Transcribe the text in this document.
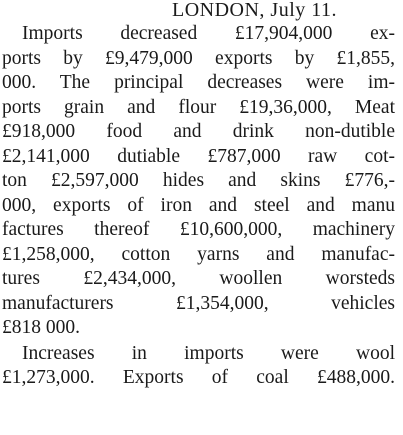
LONDON, July 11.
Imports decreased £17,904,000 ex-
ports by £9,479,000 exports by £1,855,
000. The principal decreases were im-
ports grain and flour £19,36,000, Meat
£918,000 food and drink non-dutible
£2,141,000 dutiable £787,000 raw cot-
ton £2,597,000 hides and skins £776,-
000, exports of iron and steel and manu
factures thereof £10,600,000, machinery
£1,258,000, cotton yarns and manufac-
tures £2,434,000, woollen worsteds
manufacturers £1,354,000, vehicles
£818 000.
Increases in imports were wool
£1,273,000. Exports of coal £488,000.
